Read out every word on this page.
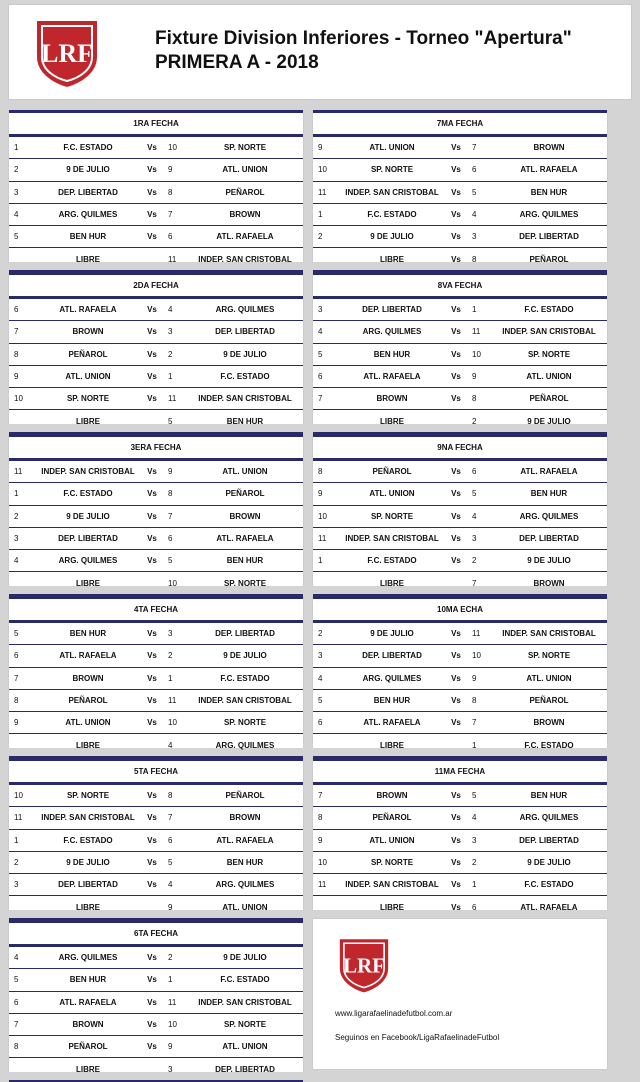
LRF
Fixture Division Inferiores - Torneo "Apertura"
PRIMERA A - 2018
1RA FECHA
1	F.C. ESTADO	Vs	10	SP. NORTE
2	9 DE JULIO	Vs	9	ATL. UNION
3	DEP. LIBERTAD	Vs	8	PEÑAROL
4	ARG. QUILMES	Vs	7	BROWN
5	BEN HUR	Vs	6	ATL. RAFAELA
LIBRE	11	INDEP. SAN CRISTOBAL
2DA FECHA
6	ATL. RAFAELA	Vs	4	ARG. QUILMES
7	BROWN	Vs	3	DEP. LIBERTAD
8	PEÑAROL	Vs	2	9 DE JULIO
9	ATL. UNION	Vs	1	F.C. ESTADO
10	SP. NORTE	Vs	11	INDEP. SAN CRISTOBAL
LIBRE	5	BEN HUR
3ERA FECHA
11	INDEP. SAN CRISTOBAL	Vs	9	ATL. UNION
1	F.C. ESTADO	Vs	8	PEÑAROL
2	9 DE JULIO	Vs	7	BROWN
3	DEP. LIBERTAD	Vs	6	ATL. RAFAELA
4	ARG. QUILMES	Vs	5	BEN HUR
LIBRE	10	SP. NORTE
4TA FECHA
5	BEN HUR	Vs	3	DEP. LIBERTAD
6	ATL. RAFAELA	Vs	2	9 DE JULIO
7	BROWN	Vs	1	F.C. ESTADO
8	PEÑAROL	Vs	11	INDEP. SAN CRISTOBAL
9	ATL. UNION	Vs	10	SP. NORTE
LIBRE	4	ARG. QUILMES
5TA FECHA
10	SP. NORTE	Vs	8	PEÑAROL
11	INDEP. SAN CRISTOBAL	Vs	7	BROWN
1	F.C. ESTADO	Vs	6	ATL. RAFAELA
2	9 DE JULIO	Vs	5	BEN HUR
3	DEP. LIBERTAD	Vs	4	ARG. QUILMES
LIBRE	9	ATL. UNION
6TA FECHA
4	ARG. QUILMES	Vs	2	9 DE JULIO
5	BEN HUR	Vs	1	F.C. ESTADO
6	ATL. RAFAELA	Vs	11	INDEP. SAN CRISTOBAL
7	BROWN	Vs	10	SP. NORTE
8	PEÑAROL	Vs	9	ATL. UNION
LIBRE	3	DEP. LIBERTAD
7MA FECHA
9	ATL. UNION	Vs	7	BROWN
10	SP. NORTE	Vs	6	ATL. RAFAELA
11	INDEP. SAN CRISTOBAL	Vs	5	BEN HUR
1	F.C. ESTADO	Vs	4	ARG. QUILMES
2	9 DE JULIO	Vs	3	DEP. LIBERTAD
LIBRE	Vs	8	PEÑAROL
8VA FECHA
3	DEP. LIBERTAD	Vs	1	F.C. ESTADO
4	ARG. QUILMES	Vs	11	INDEP. SAN CRISTOBAL
5	BEN HUR	Vs	10	SP. NORTE
6	ATL. RAFAELA	Vs	9	ATL. UNION
7	BROWN	Vs	8	PEÑAROL
LIBRE	2	9 DE JULIO
9NA FECHA
8	PEÑAROL	Vs	6	ATL. RAFAELA
9	ATL. UNION	Vs	5	BEN HUR
10	SP. NORTE	Vs	4	ARG. QUILMES
11	INDEP. SAN CRISTOBAL	Vs	3	DEP. LIBERTAD
1	F.C. ESTADO	Vs	2	9 DE JULIO
LIBRE	7	BROWN
10MA ECHA
2	9 DE JULIO	Vs	11	INDEP. SAN CRISTOBAL
3	DEP. LIBERTAD	Vs	10	SP. NORTE
4	ARG. QUILMES	Vs	9	ATL. UNION
5	BEN HUR	Vs	8	PEÑAROL
6	ATL. RAFAELA	Vs	7	BROWN
LIBRE	1	F.C. ESTADO
11MA FECHA
7	BROWN	Vs	5	BEN HUR
8	PEÑAROL	Vs	4	ARG. QUILMES
9	ATL. UNION	Vs	3	DEP. LIBERTAD
10	SP. NORTE	Vs	2	9 DE JULIO
11	INDEP. SAN CRISTOBAL	Vs	1	F.C. ESTADO
LIBRE	Vs	6	ATL. RAFAELA
LRF
www.ligarafaelinadefutbol.com.ar
Seguinos en Facebook/LigaRafaelinadeFutbol
